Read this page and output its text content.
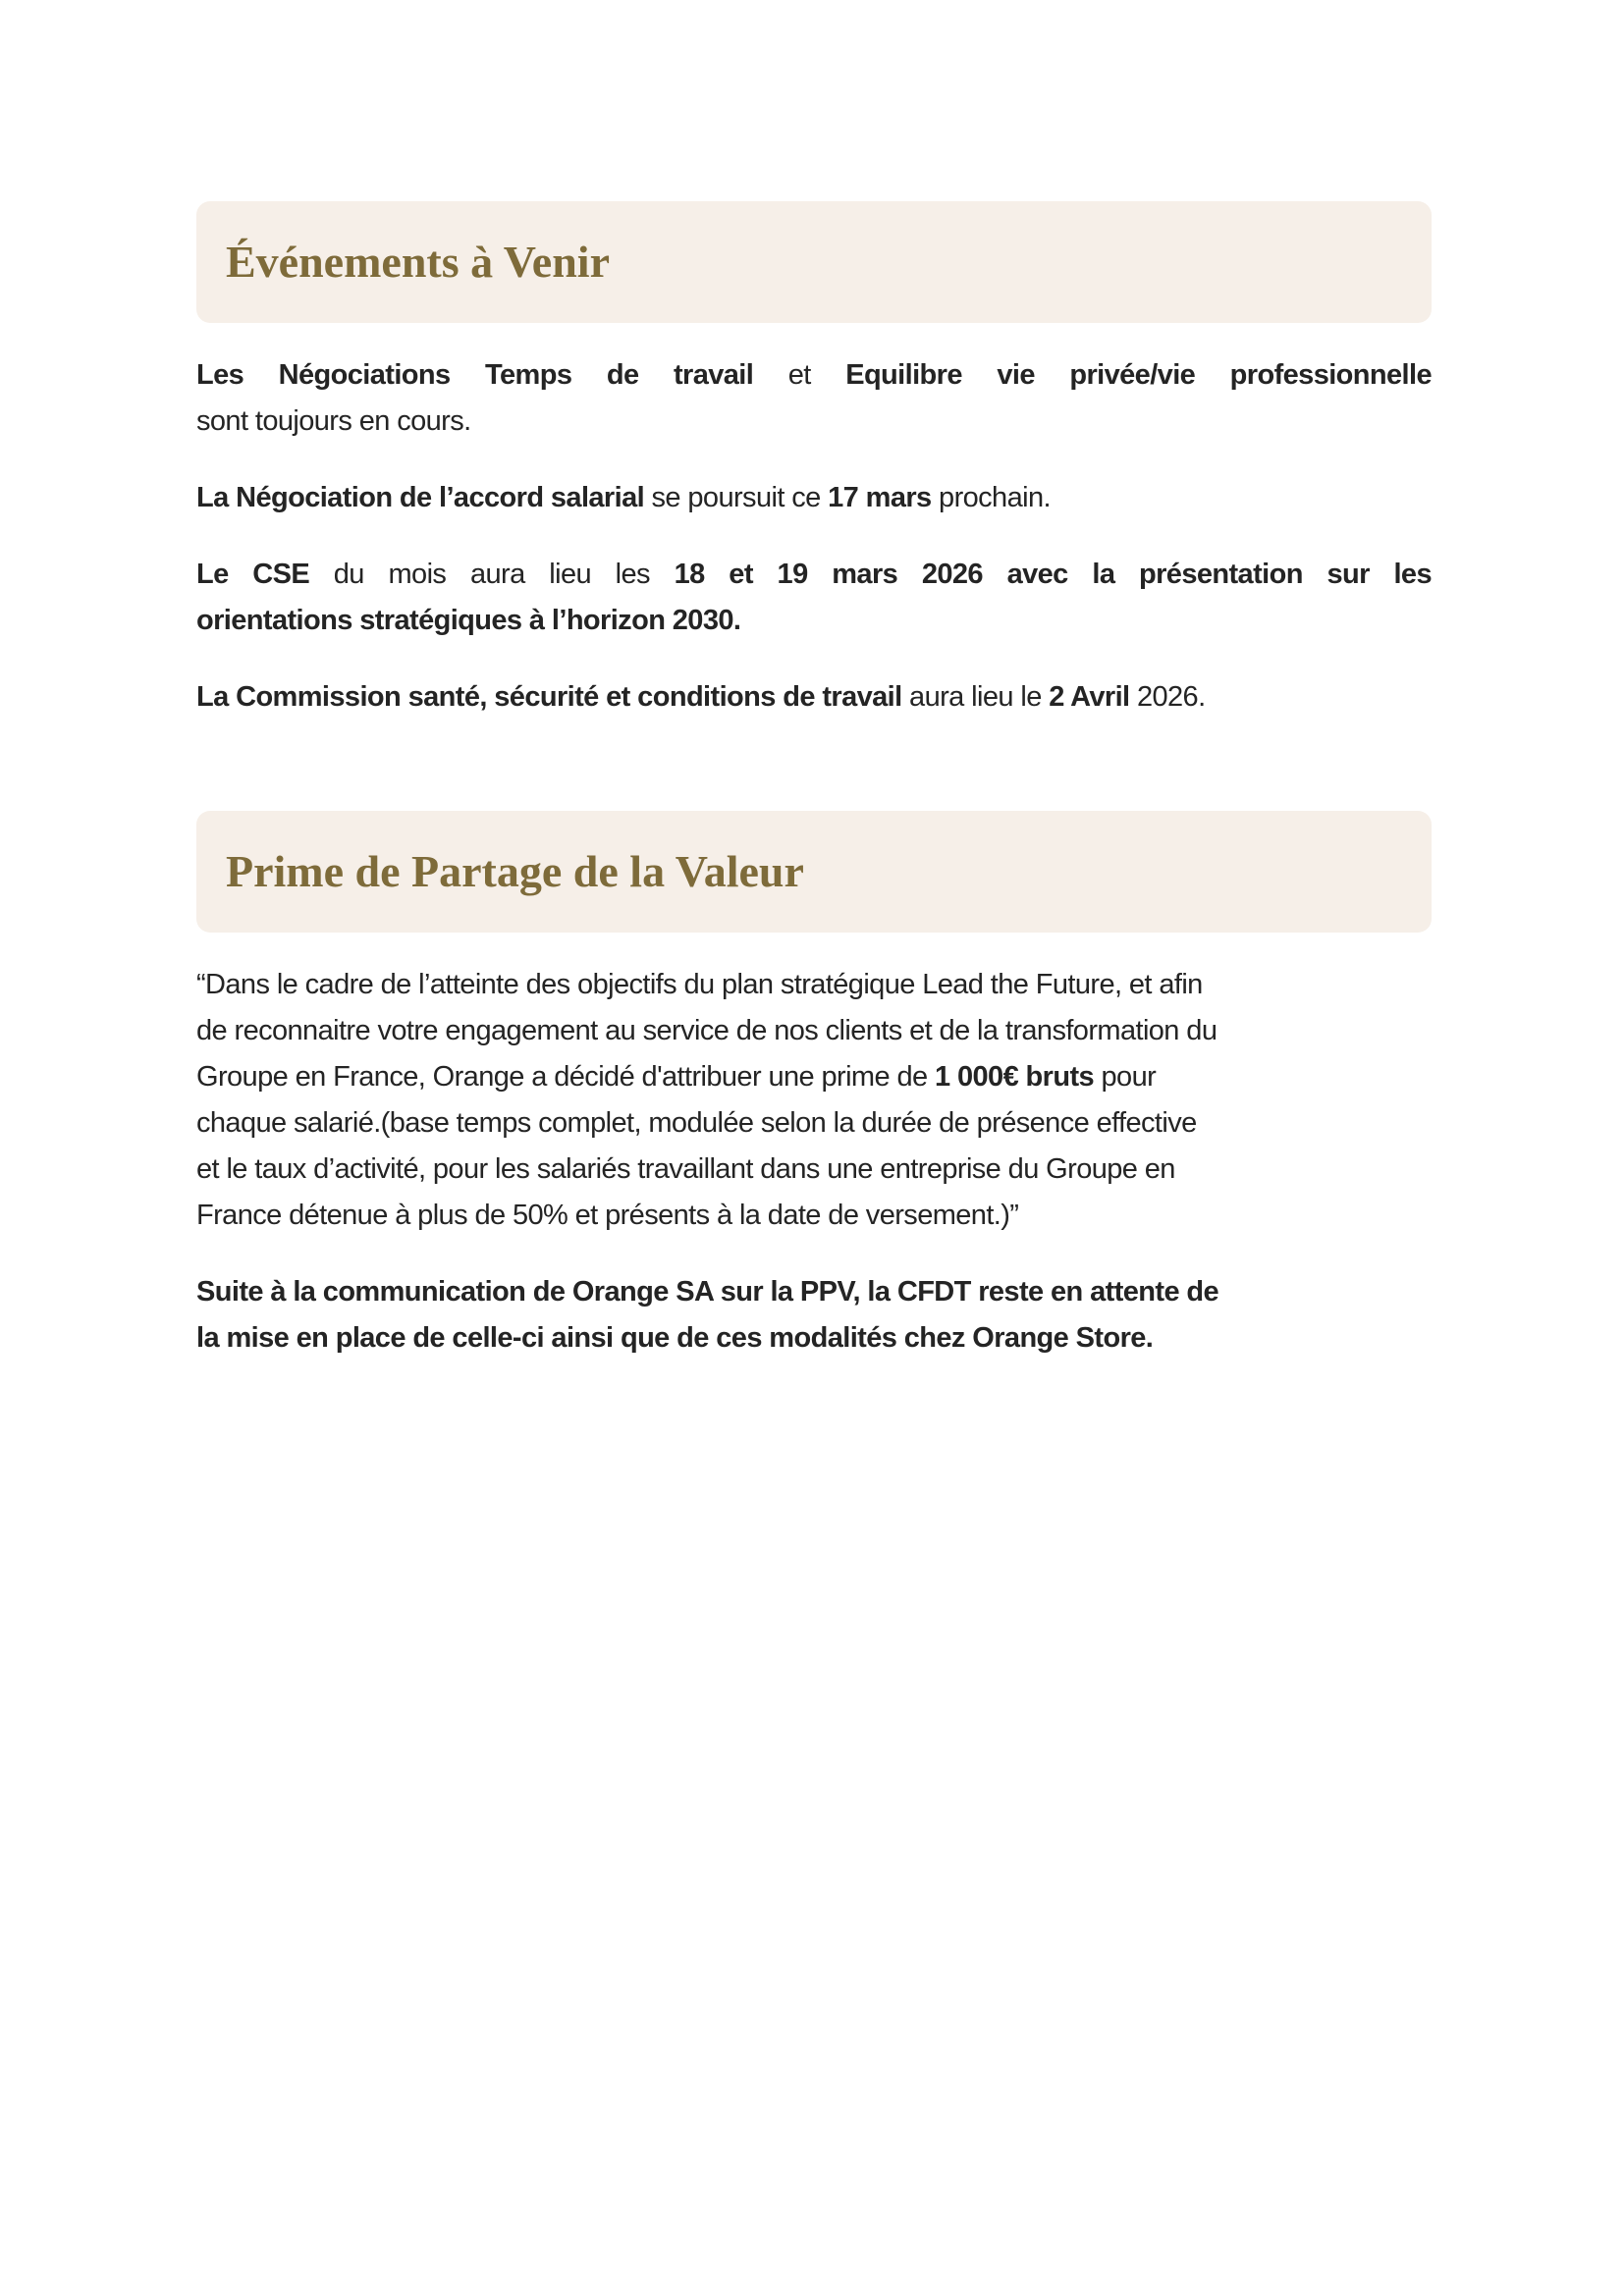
Événements à Venir

Les Négociations Temps de travail et Equilibre vie privée/vie professionnelle
sont toujours en cours.

La Négociation de l’accord salarial se poursuit ce 17 mars prochain.

Le CSE du mois aura lieu les 18 et 19 mars 2026 avec la présentation sur les
orientations stratégiques à l’horizon 2030.

La Commission santé, sécurité et conditions de travail aura lieu le 2 Avril 2026.

Prime de Partage de la Valeur

“Dans le cadre de l’atteinte des objectifs du plan stratégique Lead the Future, et afin
de reconnaitre votre engagement au service de nos clients et de la transformation du
Groupe en France, Orange a décidé d'attribuer une prime de 1 000€ bruts pour
chaque salarié.(base temps complet, modulée selon la durée de présence effective
et le taux d’activité, pour les salariés travaillant dans une entreprise du Groupe en
France détenue à plus de 50% et présents à la date de versement.)”

Suite à la communication de Orange SA sur la PPV, la CFDT reste en attente de
la mise en place de celle-ci ainsi que de ces modalités chez Orange Store.
